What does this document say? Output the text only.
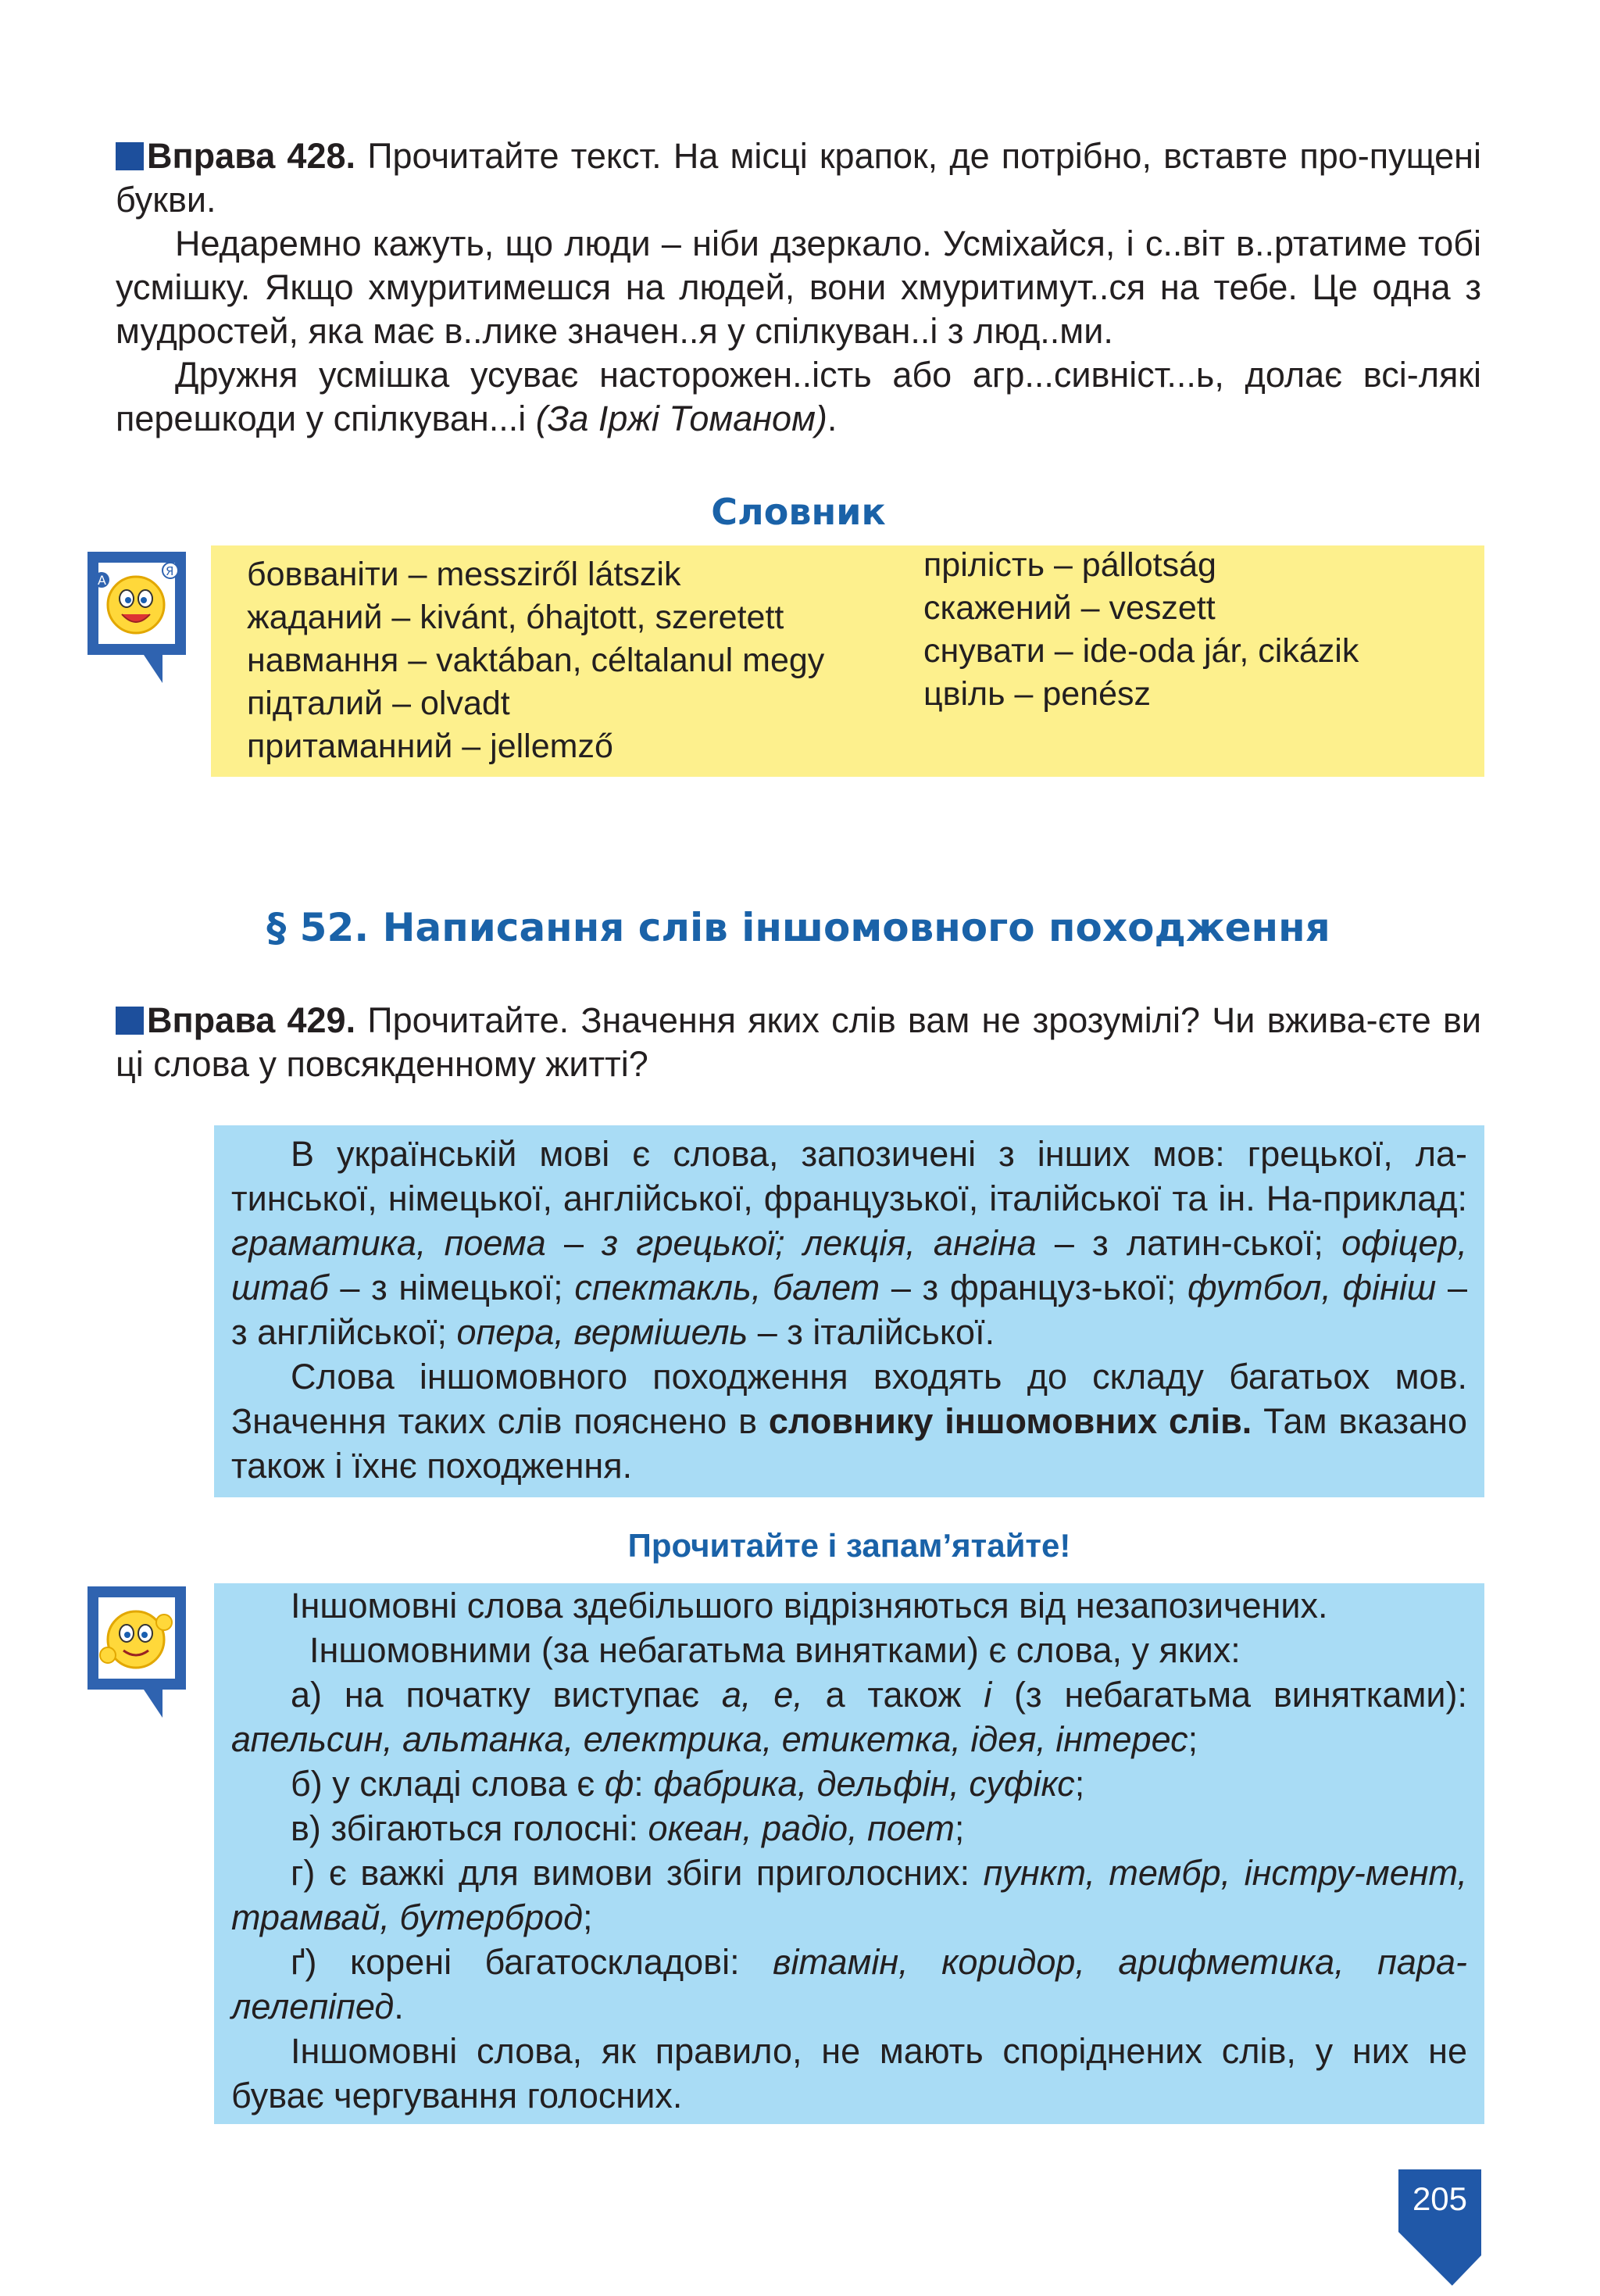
Вправа 428. Прочитайте текст. На місці крапок, де потрібно, вставте про-пущені букви.

Недаремно кажуть, що люди – ніби дзеркало. Усміхайся, і с..віт в..ртатиме тобі усмішку. Якщо хмуритимешся на людей, вони хмуритимут..ся на тебе. Це одна з мудростей, яка має в..лике значен..я у спілкуван..і з люд..ми.

Дружня усмішка усуває насторожен..ість або агр...сивніст...ь, долає всі-лякі перешкоди у спілкуван...і (За Іржі Томаном).

Словник
А
Я бовваніти – messziről látszik
жаданий – kivánt, óhajtott, szeretett
навмання – vaktában, céltalanul megy
підталий – olvadt
притаманний – jellemző
прілість – pállotság
скажений – veszett
снувати – ide-oda jár, cikázik
цвіль – penész
§ 52. Написання слів іншомовного походження

Вправа 429. Прочитайте. Значення яких слів вам не зрозумілі? Чи вжива-єте ви ці слова у повсякденному житті?

В українській мові є слова, запозичені з інших мов: грецької, ла-тинської, німецької, англійської, французької, італійської та ін. На-приклад: граматика, поема – з грецької; лекція, ангіна – з латин-ської; офіцер, штаб – з німецької; спектакль, балет – з француз-ької; футбол, фініш – з англійської; опера, вермішель – з італійської.

Слова іншомовного походження входять до складу багатьох мов. Значення таких слів пояснено в словнику іншомовних слів. Там вказано також і їхнє походження.

Прочитайте і запам’ятайте!

Іншомовні слова здебільшого відрізняються від незапозичених.

Іншомовними (за небагатьма винятками) є слова, у яких:

а) на початку виступає а, е, а також і (з небагатьма винятками): апельсин, альтанка, електрика, етикетка, ідея, інтерес;

б) у складі слова є ф: фабрика, дельфін, суфікс;

в) збігаються голосні: океан, радіо, поет;

г) є важкі для вимови збіги приголосних: пункт, тембр, інстру-мент, трамвай, бутерброд;

ґ) корені багатоскладові: вітамін, коридор, арифметика, пара-лелепіпед.

Іншомовні слова, як правило, не мають споріднених слів, у них не буває чергування голосних.

205
